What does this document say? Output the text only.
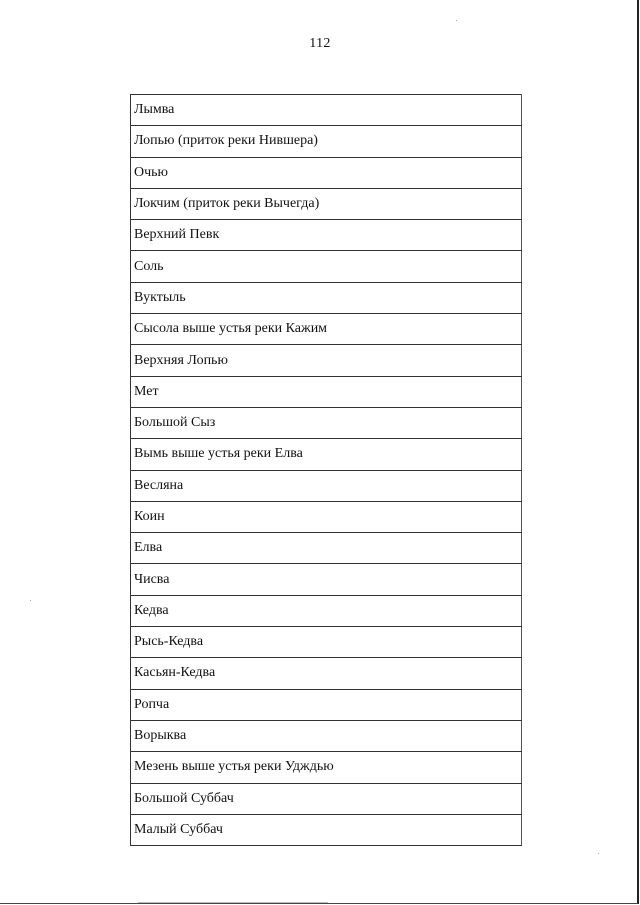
112
Лымва
Лопью (приток реки Нившера)
Очью
Локчим (приток реки Вычегда)
Верхний Певк
Соль
Вуктыль
Сысола выше устья реки Кажим
Верхняя Лопью
Мет
Большой Сыз
Вымь выше устья реки Елва
Весляна
Коин
Елва
Чисва
Кедва
Рысь-Кедва
Касьян-Кедва
Ропча
Ворыква
Мезень выше устья реки Удждью
Большой Суббач
Малый Суббач
